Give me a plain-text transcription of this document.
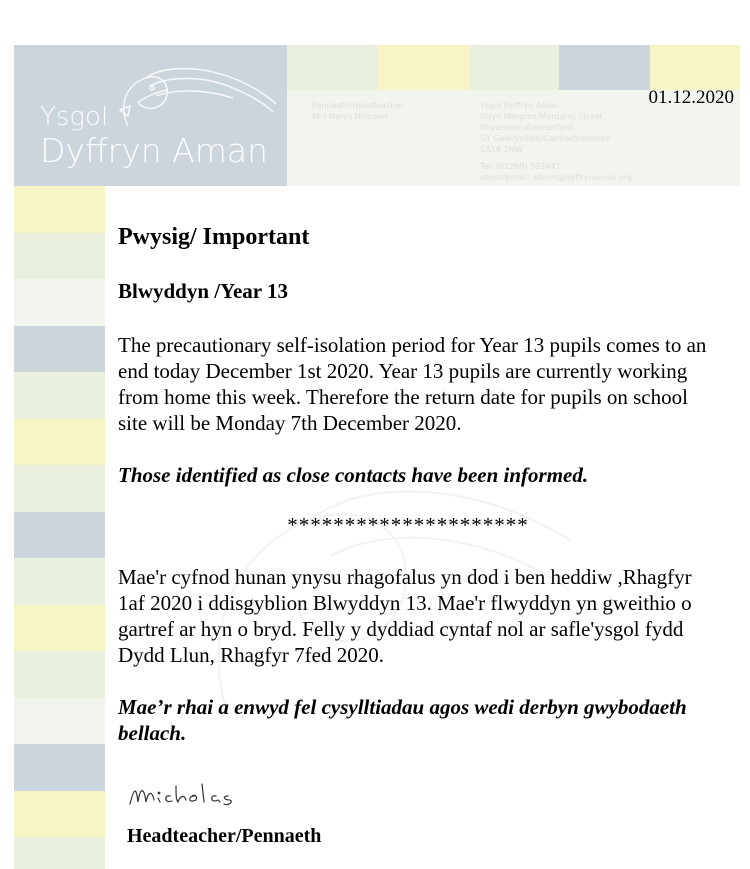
Ysgol
Dyffryn Aman
Pennaeth/Headteacher
Mrs Nerys Nicholas
Ysgol Dyffryn Aman
Stryd Margred/Margaret Street
Rhydaman/Ammanford
Sir Gaerfyrddin/Carmarthenshire
SA18 2NW
Tel: (01269) 592441
ebost/email: admin@dyffrynaman.org
01.12.2020
Pwysig/ Important
Blwyddyn /Year 13

The precautionary self-isolation period for Year 13 pupils comes to an end today December 1st 2020. Year 13 pupils are currently working from home this week. Therefore the return date for pupils on school site will be Monday 7th December 2020.

Those identified as close contacts have been informed.

*********************

Mae'r cyfnod hunan ynysu rhagofalus yn dod i ben heddiw ,Rhagfyr 1af 2020 i ddisgyblion Blwyddyn 13. Mae'r flwyddyn yn gweithio o gartref ar hyn o bryd. Felly y dyddiad cyntaf nol ar safle'ysgol fydd Dydd Llun, Rhagfyr 7fed 2020.

Mae’r rhai a enwyd fel cysylltiadau agos wedi derbyn gwybodaeth bellach.

Headteacher/Pennaeth
